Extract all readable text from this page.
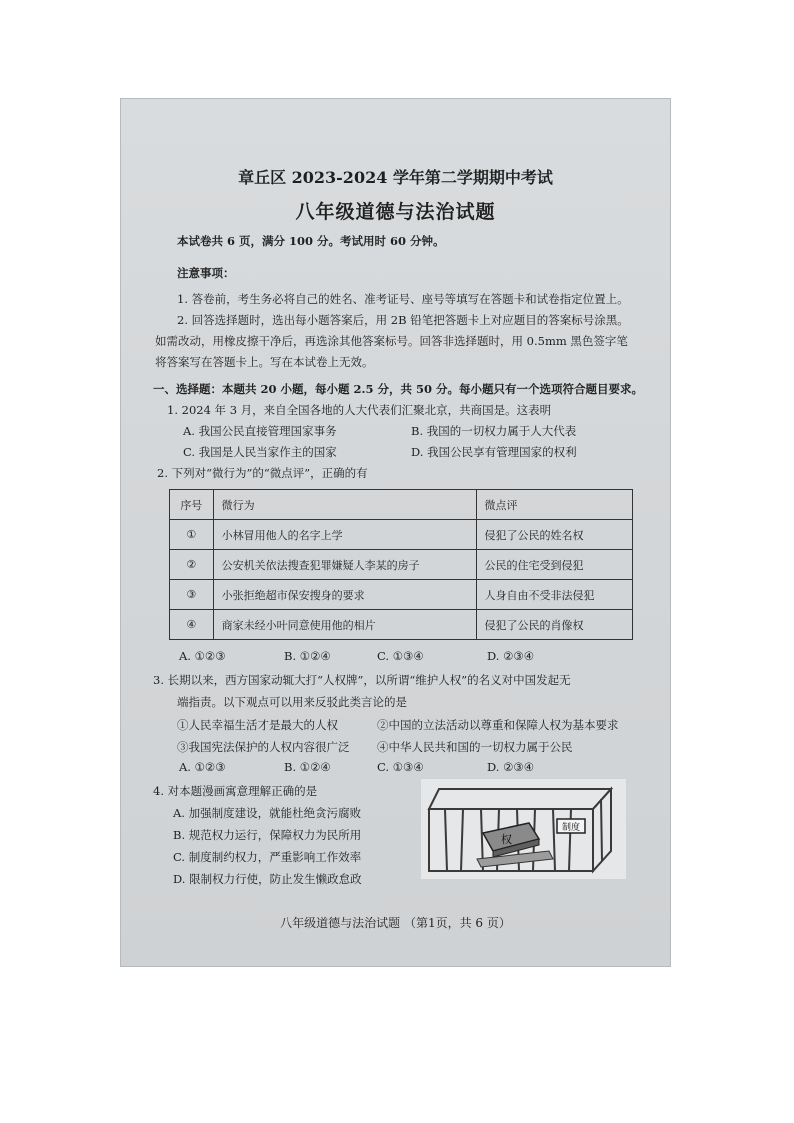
章丘区 2023-2024 学年第二学期期中考试
八年级道德与法治试题
本试卷共 6 页，满分 100 分。考试用时 60 分钟。
注意事项：
1. 答卷前，考生务必将自己的姓名、准考证号、座号等填写在答题卡和试卷指定位置上。
2. 回答选择题时，选出每小题答案后，用 2B 铅笔把答题卡上对应题目的答案标号涂黑。
如需改动，用橡皮擦干净后，再选涂其他答案标号。回答非选择题时，用 0.5mm 黑色签字笔
将答案写在答题卡上。写在本试卷上无效。
一、选择题：本题共 20 小题，每小题 2.5 分，共 50 分。每小题只有一个选项符合题目要求。
1. 2024 年 3 月，来自全国各地的人大代表们汇聚北京，共商国是。这表明
A. 我国公民直接管理国家事务	B. 我国的一切权力属于人大代表
C. 我国是人民当家作主的国家	D. 我国公民享有管理国家的权利
2. 下列对“微行为”的“微点评”，正确的有
序号	微行为	微点评
①	小林冒用他人的名字上学	侵犯了公民的姓名权
②	公安机关依法搜查犯罪嫌疑人李某的房子	公民的住宅受到侵犯
③	小张拒绝超市保安搜身的要求	人身自由不受非法侵犯
④	商家未经小叶同意使用他的相片	侵犯了公民的肖像权
A. ①②③	B. ①②④	C. ①③④	D. ②③④
3. 长期以来，西方国家动辄大打“人权牌”，以所谓“维护人权”的名义对中国发起无
端指责。以下观点可以用来反驳此类言论的是
①人民幸福生活才是最大的人权	②中国的立法活动以尊重和保障人权为基本要求
③我国宪法保护的人权内容很广泛 ④中华人民共和国的一切权力属于公民
A. ①②③	B. ①②④	C. ①③④	D. ②③④
4. 对本题漫画寓意理解正确的是
A. 加强制度建设，就能杜绝贪污腐败
B. 规范权力运行，保障权力为民所用
C. 制度制约权力，严重影响工作效率
D. 限制权力行使，防止发生懒政怠政
权
制度
八年级道德与法治试题 （第1页，共 6 页）
